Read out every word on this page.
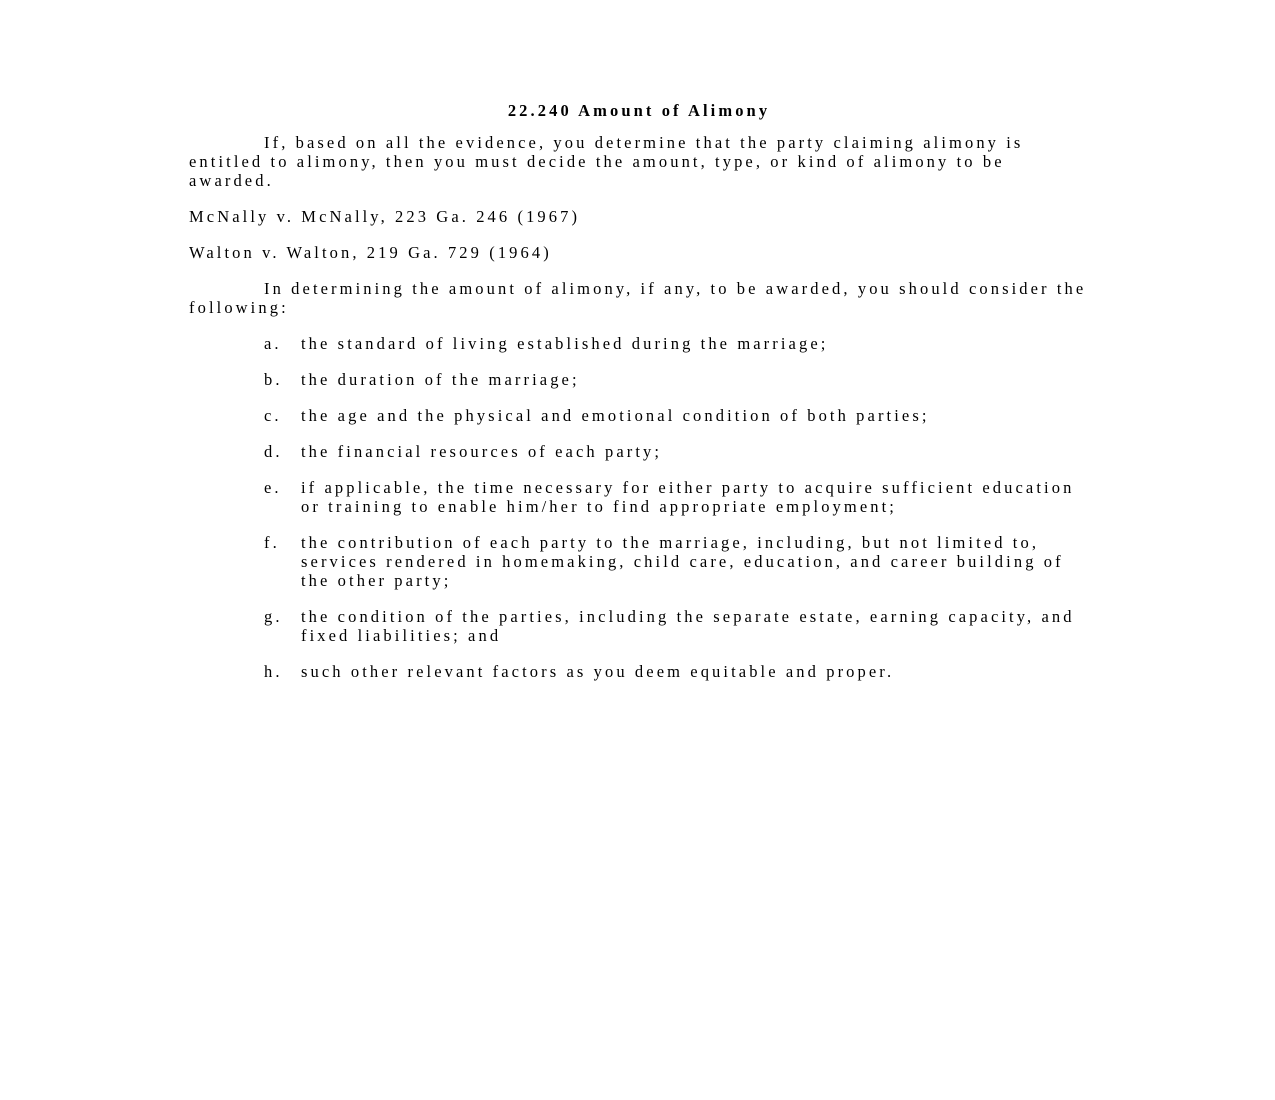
22.240 Amount of Alimony

If, based on all the evidence, you determine that the party claiming alimony is entitled to alimony, then you must decide the amount, type, or kind of alimony to be awarded.

McNally v. McNally, 223 Ga. 246 (1967)

Walton v. Walton, 219 Ga. 729 (1964)

In determining the amount of alimony, if any, to be awarded, you should consider the following:

a.	the standard of living established during the marriage;
b.	the duration of the marriage;
c.	the age and the physical and emotional condition of both parties;
d.	the financial resources of each party;
e.	if applicable, the time necessary for either party to acquire sufficient education or training to enable him/her to find appropriate employment;
f.	the contribution of each party to the marriage, including, but not limited to, services rendered in homemaking, child care, education, and career building of the other party;
g.	the condition of the parties, including the separate estate, earning capacity, and fixed liabilities; and
h.	such other relevant factors as you deem equitable and proper.
